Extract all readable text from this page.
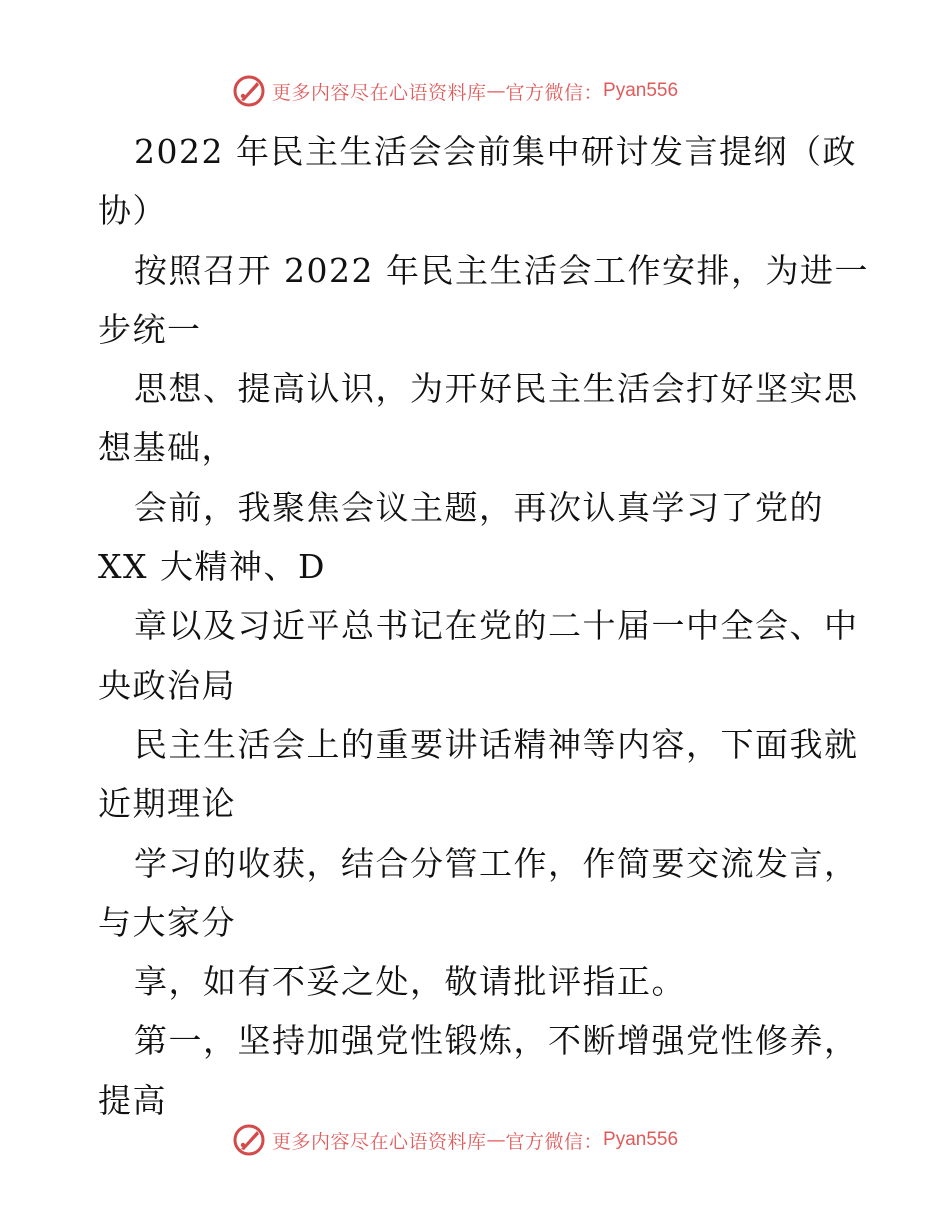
更多内容尽在心语资料库 — 官方微信： Pyan556
2022 年民主生活会会前集中研讨发言提纲（政
协）
按照召开 2022 年民主生活会工作安排，为进一
步统一
思想、提高认识，为开好民主生活会打好坚实思
想基础，
会前，我聚焦会议主题，再次认真学习了党的
XX 大精神、D
章以及习近平总书记在党的二十届一中全会、中
央政治局
民主生活会上的重要讲话精神等内容，下面我就
近期理论
学习的收获，结合分管工作，作简要交流发言，
与大家分
享，如有不妥之处，敬请批评指正。
第一，坚持加强党性锻炼，不断增强党性修养，
提高
更多内容尽在心语资料库 — 官方微信： Pyan556
